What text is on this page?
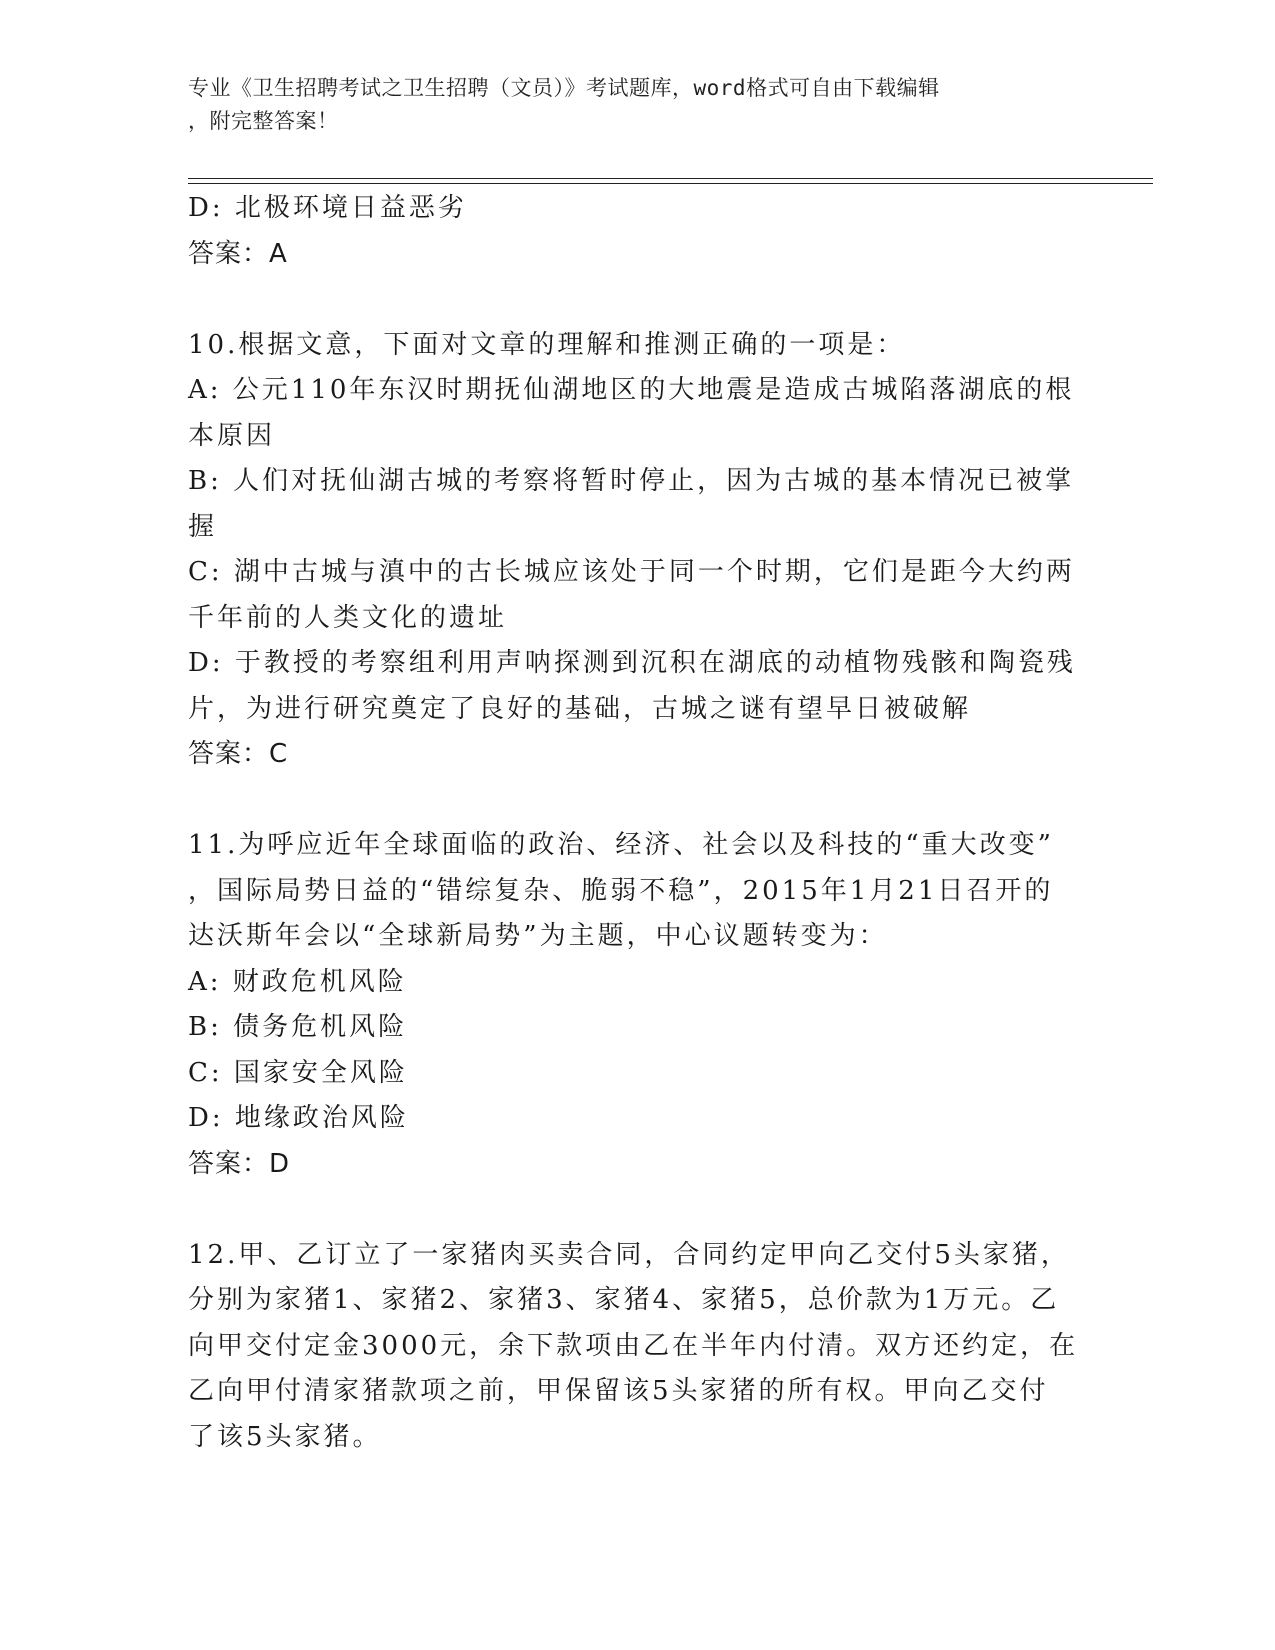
专业《卫生招聘考试之卫生招聘（文员）》考试题库，word格式可自由下载编辑
，附完整答案！
D: 北极环境日益恶劣
答案：A
10.根据文意，下面对文章的理解和推测正确的一项是：
A: 公元110年东汉时期抚仙湖地区的大地震是造成古城陷落湖底的根
本原因
B: 人们对抚仙湖古城的考察将暂时停止，因为古城的基本情况已被掌
握
C: 湖中古城与滇中的古长城应该处于同一个时期，它们是距今大约两
千年前的人类文化的遗址
D: 于教授的考察组利用声呐探测到沉积在湖底的动植物残骸和陶瓷残
片，为进行研究奠定了良好的基础，古城之谜有望早日被破解
答案：C
11.为呼应近年全球面临的政治、经济、社会以及科技的“重大改变”
，国际局势日益的“错综复杂、脆弱不稳”，2015年1月21日召开的
达沃斯年会以“全球新局势”为主题，中心议题转变为：
A: 财政危机风险
B: 债务危机风险
C: 国家安全风险
D: 地缘政治风险
答案：D
12.甲、乙订立了一家猪肉买卖合同，合同约定甲向乙交付5头家猪，
分别为家猪1、家猪2、家猪3、家猪4、家猪5，总价款为1万元。乙
向甲交付定金3000元，余下款项由乙在半年内付清。双方还约定，在
乙向甲付清家猪款项之前，甲保留该5头家猪的所有权。甲向乙交付
了该5头家猪。
